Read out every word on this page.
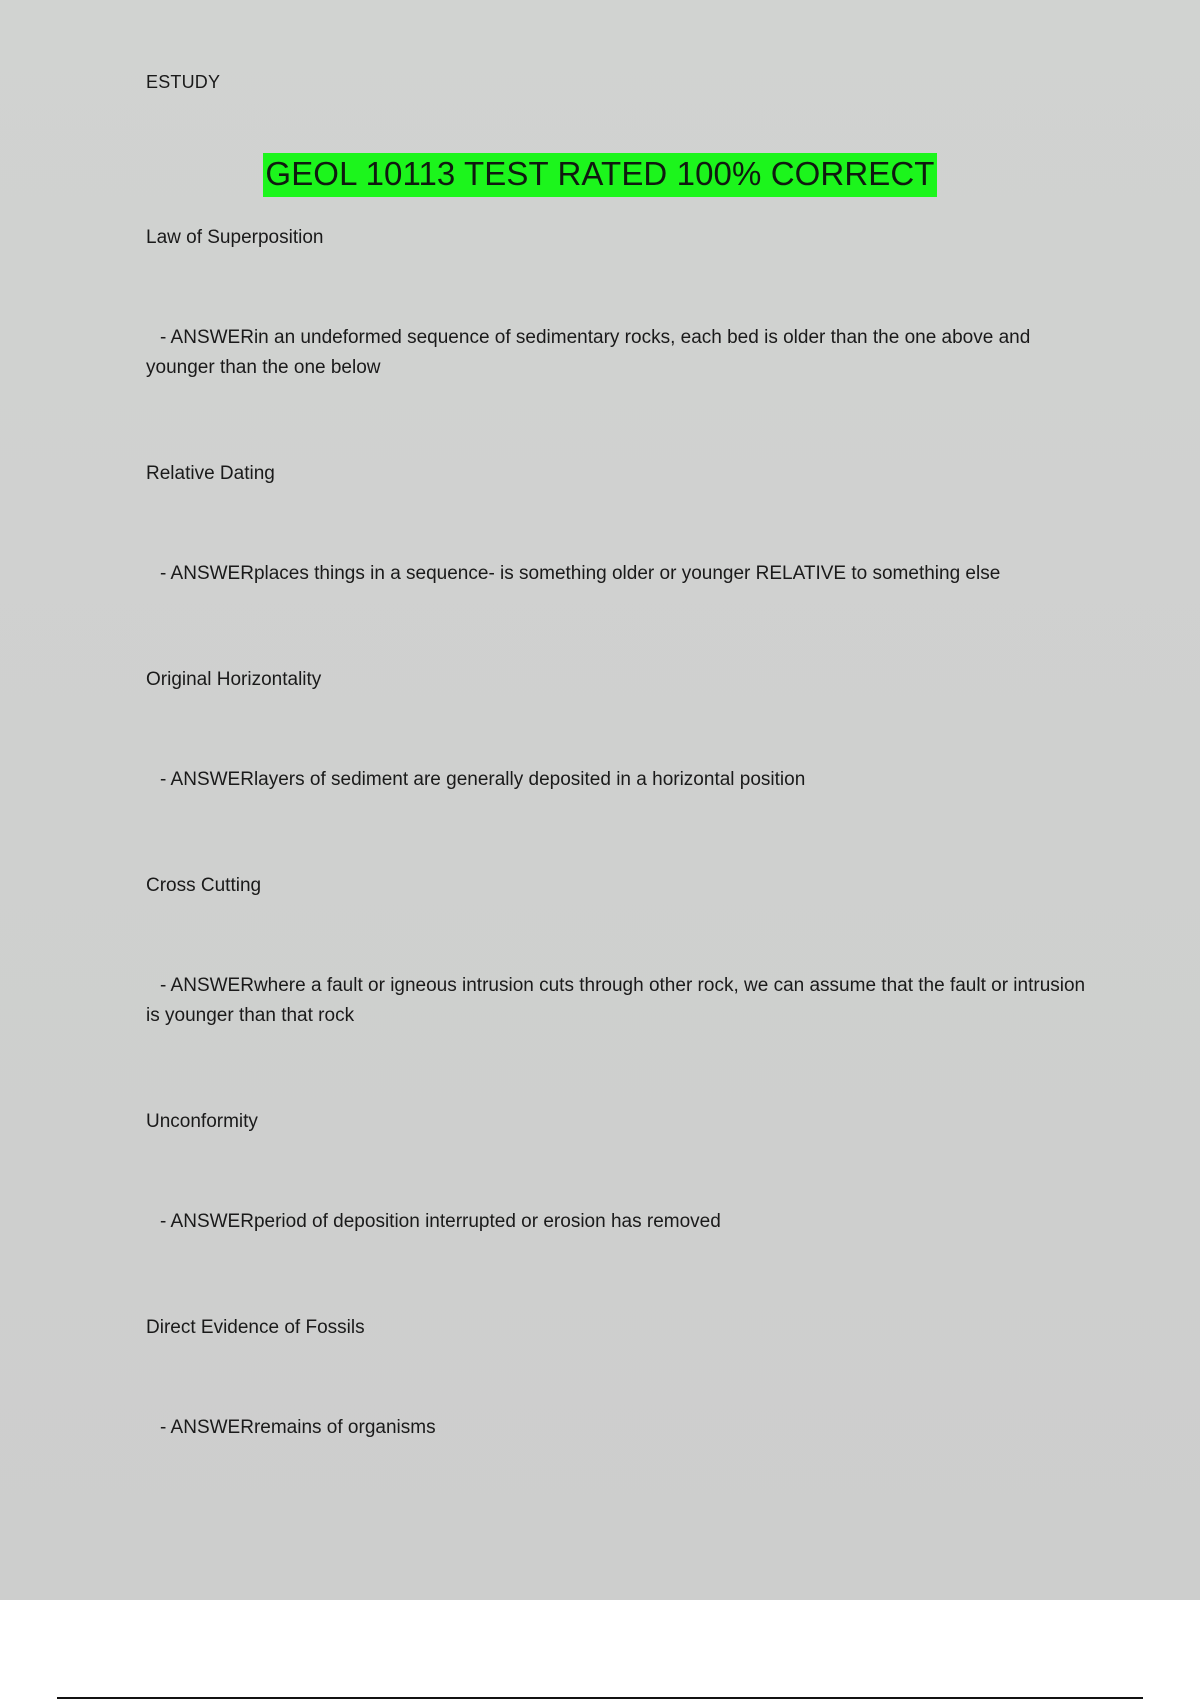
ESTUDY
GEOL 10113 TEST RATED 100% CORRECT

Law of Superposition

- ANSWERin an undeformed sequence of sedimentary rocks, each bed is older than the one above and younger than the one below

Relative Dating

- ANSWERplaces things in a sequence- is something older or younger RELATIVE to something else

Original Horizontality

- ANSWERlayers of sediment are generally deposited in a horizontal position

Cross Cutting

- ANSWERwhere a fault or igneous intrusion cuts through other rock, we can assume that the fault or intrusion is younger than that rock

Unconformity

- ANSWERperiod of deposition interrupted or erosion has removed

Direct Evidence of Fossils

- ANSWERremains of organisms
